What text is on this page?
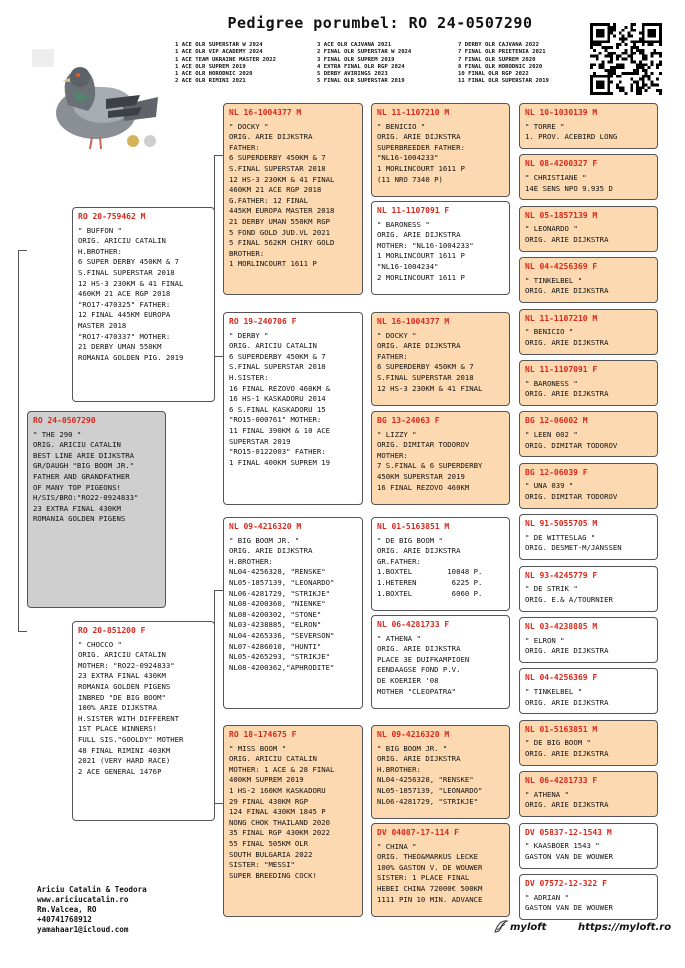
Pedigree porumbel: RO 24-0507290
1 ACE OLR SUPERSTAR W 2024
1 ACE OLR VIP ACADEMY 2024
1 ACE TEAM UKRAINE MASTER 2022
1 ACE OLR SUPREM 2019
1 ACE OLR HORODNIC 2020
2 ACE OLR RIMINI 2021
3 ACE OLR CAJVANA 2021
2 FINAL OLR SUPERSTAR W 2024
3 FINAL OLR SUPREM 2019
4 EXTRA FINAL OLR RGP 2024
5 DERBY AVIRINGS 2023
5 FINAL OLR SUPERSTAR 2019
7 DERBY OLR CAJVANA 2022
7 FINAL OLR PRIETENIA 2021
7 FINAL OLR SUPREM 2020
8 FINAL OLR HORODNIC 2020
10 FINAL OLR RGP 2022
11 FINAL OLR SUPERSTAR 2019
RO 24-0507290
" THE 290 "
ORIG. ARICIU CATALIN
BEST LINE ARIE DIJKSTRA
GR/DAUGH "BIG BOOM JR."
FATHER AND GRANDFATHER
OF MANY TOP PIGEONS!
H/SIS/BRO:"RO22-0924833"
23 EXTRA FINAL 430KM
ROMANIA GOLDEN PIGENS
RO 20-759462 M
" BUFFON "
ORIG. ARICIU CATALIN
H.BROTHER:
6 SUPER DERBY 450KM & 7
S.FINAL SUPERSTAR 2018
12 HS-3 230KM & 41 FINAL
460KM 21 ACE RGP 2018
"RO17-470325" FATHER:
12 FINAL 445KM EUROPA
MASTER 2018
"RO17-470337" MOTHER:
21 DERBY UMAN 550KM
ROMANIA GOLDEN PIG. 2019
RO 20-851200 F
" CHOCCO "
ORIG. ARICIU CATALIN
MOTHER: "RO22-0924833"
23 EXTRA FINAL 430KM
ROMANIA GOLDEN PIGENS
INBRED "DE BIG BOOM"
100% ARIE DIJKSTRA
H.SISTER WITH DIFFERENT
1ST PLACE WINNERS!
FULL SIS."GOOLDY" MOTHER
48 FINAL RIMINI 403KM
2021 (VERY HARD RACE)
2 ACE GENERAL 1476P
NL 16-1004377 M
" DOCKY "
ORIG. ARIE DIJKSTRA
FATHER:
6 SUPERDERBY 450KM & 7
S.FINAL SUPERSTAR 2018
12 HS-3 230KM & 41 FINAL
460KM 21 ACE RGP 2018
G.FATHER: 12 FINAL
445KM EUROPA MASTER 2018
21 DERBY UMAN 550KM RGP
5 FOND GOLD JUD.VL 2021
5 FINAL 562KM CHIRY GOLD
BROTHER:
1 MORLINCOURT 1611 P
RO 19-240706 F
" DERBY "
ORIG. ARICIU CATALIN
6 SUPERDERBY 450KM & 7
S.FINAL SUPERSTAR 2018
H.SISTER:
16 FINAL REZOVO 460KM &
16 HS-1 KASKADORU 2014
6 S.FINAL KASKADORU 15
"RO15-000761" MOTHER:
11 FINAL 390KM & 10 ACE
SUPERSTAR 2019
"RO15-0122003" FATHER:
1 FINAL 400KM SUPREM 19
NL 09-4216320 M
" BIG BOOM JR. "
ORIG. ARIE DIJKSTRA
H.BROTHER:
NL04-4256328, "RENSKE"
NL05-1857139, "LEONARDO"
NL06-4281729, "STRIKJE"
NL08-4200360, "NIENKE"
NL08-4200302, "STONE"
NL03-4238885, "ELRON"
NL04-4265336, "SEVERSON"
NL07-4286010, "HUNTI"
NL05-4265293, "STRIKJE"
NL08-4200362,"APHRODITE"
RO 18-174675 F
" MISS BOOM "
ORIG. ARICIU CATALIN
MOTHER: 1 ACE & 28 FINAL
400KM SUPREM 2019
1 HS-2 160KM KASKADORU
29 FINAL 430KM RGP
124 FINAL 430KM 1845 P
NONG CHOK THAILAND 2020
35 FINAL RGP 430KM 2022
55 FINAL 505KM OLR
SOUTH BULGARIA 2022
SISTER: "MESSI"
SUPER BREEDING COCK!
NL 11-1107210 M
" BENICIO "
ORIG. ARIE DIJKSTRA
SUPERBREEDER FATHER:
"NL16-1004233"
1 MORLINCOURT 1611 P
(11 NRO 7340 P)
NL 11-1107091 F
" BARONESS "
ORIG. ARIE DIJKSTRA
MOTHER: "NL16-1004233"
1 MORLINCOURT 1611 P
"NL16-1004234"
2 MORLINCOURT 1611 P
NL 16-1004377 M
" DOCKY "
ORIG. ARIE DIJKSTRA
FATHER:
6 SUPERDERBY 450KM & 7
S.FINAL SUPERSTAR 2018
12 HS-3 230KM & 41 FINAL
BG 13-24063 F
" LIZZY "
ORIG. DIMITAR TODOROV
MOTHER:
7 S.FINAL & 6 SUPERDERBY
450KM SUPERSTAR 2019
16 FINAL REZOVO 460KM
NL 01-5163851 M
" DE BIG BOOM "
ORIG. ARIE DIJKSTRA
GR.FATHER:
1.BOXTEL        10848 P.
1.HETEREN        6225 P.
1.BOXTEL         6060 P.
NL 06-4281733 F
" ATHENA "
ORIG. ARIE DIJKSTRA
PLACE 3E DUIFKAMPIOEN
EENDAAGSE FOND P.V.
DE KOERIER '08
MOTHER "CLEOPATRA"
NL 09-4216320 M
" BIG BOOM JR. "
ORIG. ARIE DIJKSTRA
H.BROTHER:
NL04-4256328, "RENSKE"
NL05-1857139, "LEONARDO"
NL06-4281729, "STRIKJE"
DV 04087-17-114 F
" CHINA "
ORIG. THEO&MARKUS LECKE
100% GASTON V. DE WOUWER
SISTER: 1 PLACE FINAL
HEBEI CHINA 72000€ 500KM
1111 PIN 10 MIN. ADVANCE
NL 10-1030139 M
" TORRE "
1. PROV. ACEBIRD LONG
NL 08-4200327 F
" CHRISTIANE "
14E SENS NPO 9.935 D
NL 05-1857139 M
" LEONARDO "
ORIG. ARIE DIJKSTRA
NL 04-4256369 F
" TINKELBEL "
ORIG. ARIE DIJKSTRA
NL 11-1107210 M
" BENICIO "
ORIG. ARIE DIJKSTRA
NL 11-1107091 F
" BARONESS "
ORIG. ARIE DIJKSTRA
BG 12-06002 M
" LEEN 002 "
ORIG. DIMITAR TODOROV
BG 12-06039 F
" UNA 039 "
ORIG. DIMITAR TODOROV
NL 91-5055705 M
" DE WITTESLAG "
ORIG. DESMET-M/JANSSEN
NL 93-4245779 F
" DE STRIK "
ORIG. E.& A/TOURNIER
NL 03-4238885 M
" ELRON "
ORIG. ARIE DIJKSTRA
NL 04-4256369 F
" TINKELBEL "
ORIG. ARIE DIJKSTRA
NL 01-5163851 M
" DE BIG BOOM "
ORIG. ARIE DIJKSTRA
NL 06-4281733 F
" ATHENA "
ORIG. ARIE DIJKSTRA
DV 05837-12-1543 M
" KAASBOER 1543 "
GASTON VAN DE WOUWER
DV 07572-12-322 F
" ADRIAN "
GASTON VAN DE WOUWER
Ariciu Catalin & Teodora
www.ariciucatalin.ro
Rm.Valcea, RO
+40741768912
yamahaar1@icloud.com	myloft	https://myloft.ro
